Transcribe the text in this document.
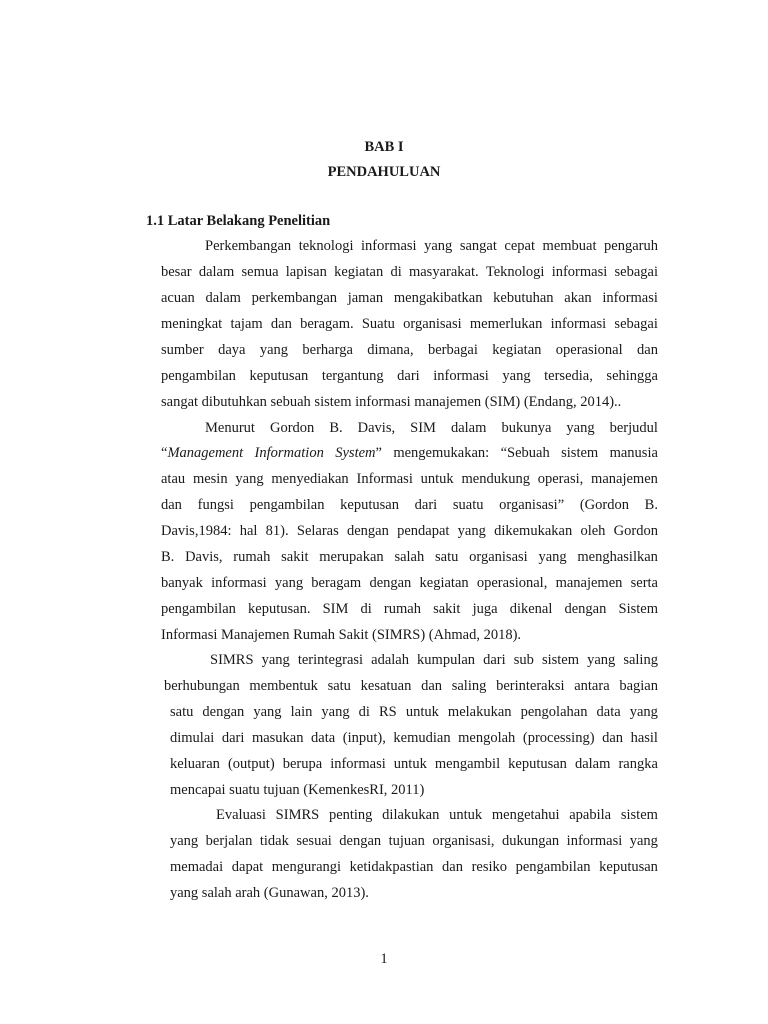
BAB I
PENDAHULUAN
1.1 Latar Belakang Penelitian
Perkembangan teknologi informasi yang sangat cepat membuat pengaruh
besar dalam semua lapisan kegiatan di masyarakat. Teknologi informasi sebagai
acuan dalam perkembangan jaman mengakibatkan kebutuhan akan informasi
meningkat tajam dan beragam. Suatu organisasi memerlukan informasi sebagai
sumber daya yang berharga dimana, berbagai kegiatan operasional dan
pengambilan keputusan tergantung dari informasi yang tersedia, sehingga
sangat dibutuhkan sebuah sistem informasi manajemen (SIM) (Endang, 2014)..
Menurut Gordon B. Davis, SIM dalam bukunya yang berjudul
“Management Information System” mengemukakan: “Sebuah sistem manusia
atau mesin yang menyediakan Informasi untuk mendukung operasi, manajemen
dan fungsi pengambilan keputusan dari suatu organisasi” (Gordon B.
Davis,1984: hal 81). Selaras dengan pendapat yang dikemukakan oleh Gordon
B. Davis, rumah sakit merupakan salah satu organisasi yang menghasilkan
banyak informasi yang beragam dengan kegiatan operasional, manajemen serta
pengambilan keputusan. SIM di rumah sakit juga dikenal dengan Sistem
Informasi Manajemen Rumah Sakit (SIMRS) (Ahmad, 2018).
SIMRS yang terintegrasi adalah kumpulan dari sub sistem yang saling
berhubungan membentuk satu kesatuan dan saling berinteraksi antara bagian
satu dengan yang lain yang di RS untuk melakukan pengolahan data yang
dimulai dari masukan data (input), kemudian mengolah (processing) dan hasil
keluaran (output) berupa informasi untuk mengambil keputusan dalam rangka
mencapai suatu tujuan (KemenkesRI, 2011)
Evaluasi SIMRS penting dilakukan untuk mengetahui apabila sistem
yang berjalan tidak sesuai dengan tujuan organisasi, dukungan informasi yang
memadai dapat mengurangi ketidakpastian dan resiko pengambilan keputusan
yang salah arah (Gunawan, 2013).
1
